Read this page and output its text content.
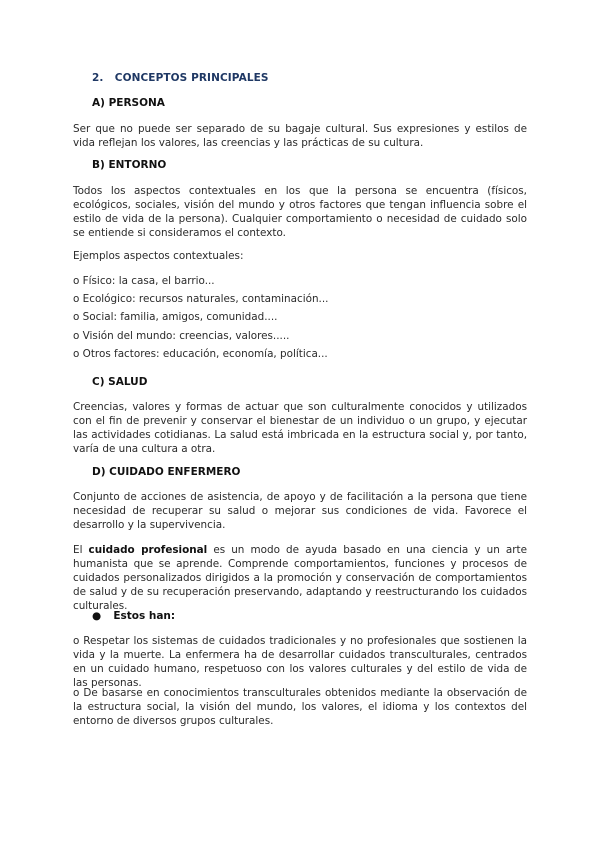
2. CONCEPTOS PRINCIPALES
A) PERSONA
Ser que no puede ser separado de su bagaje cultural. Sus expresiones y estilos de vida reflejan los valores, las creencias y las prácticas de su cultura.
B) ENTORNO
Todos los aspectos contextuales en los que la persona se encuentra (físicos, ecológicos, sociales, visión del mundo y otros factores que tengan influencia sobre el estilo de vida de la persona). Cualquier comportamiento o necesidad de cuidado solo se entiende si consideramos el contexto.
Ejemplos aspectos contextuales:
o Físico: la casa, el barrio...
o Ecológico: recursos naturales, contaminación...
o Social: familia, amigos, comunidad....
o Visión del mundo: creencias, valores.....
o Otros factores: educación, economía, política...
C) SALUD
Creencias, valores y formas de actuar que son culturalmente conocidos y utilizados con el fin de prevenir y conservar el bienestar de un individuo o un grupo, y ejecutar las actividades cotidianas. La salud está imbricada en la estructura social y, por tanto, varía de una cultura a otra.
D) CUIDADO ENFERMERO
Conjunto de acciones de asistencia, de apoyo y de facilitación a la persona que tiene necesidad de recuperar su salud o mejorar sus condiciones de vida. Favorece el desarrollo y la supervivencia.
El cuidado profesional es un modo de ayuda basado en una ciencia y un arte humanista que se aprende. Comprende comportamientos, funciones y procesos de cuidados personalizados dirigidos a la promoción y conservación de comportamientos de salud y de su recuperación preservando, adaptando y reestructurando los cuidados culturales.
● Estos han:
o Respetar los sistemas de cuidados tradicionales y no profesionales que sostienen la vida y la muerte. La enfermera ha de desarrollar cuidados transculturales, centrados en un cuidado humano, respetuoso con los valores culturales y del estilo de vida de las personas.
o De basarse en conocimientos transculturales obtenidos mediante la observación de la estructura social, la visión del mundo, los valores, el idioma y los contextos del entorno de diversos grupos culturales.
